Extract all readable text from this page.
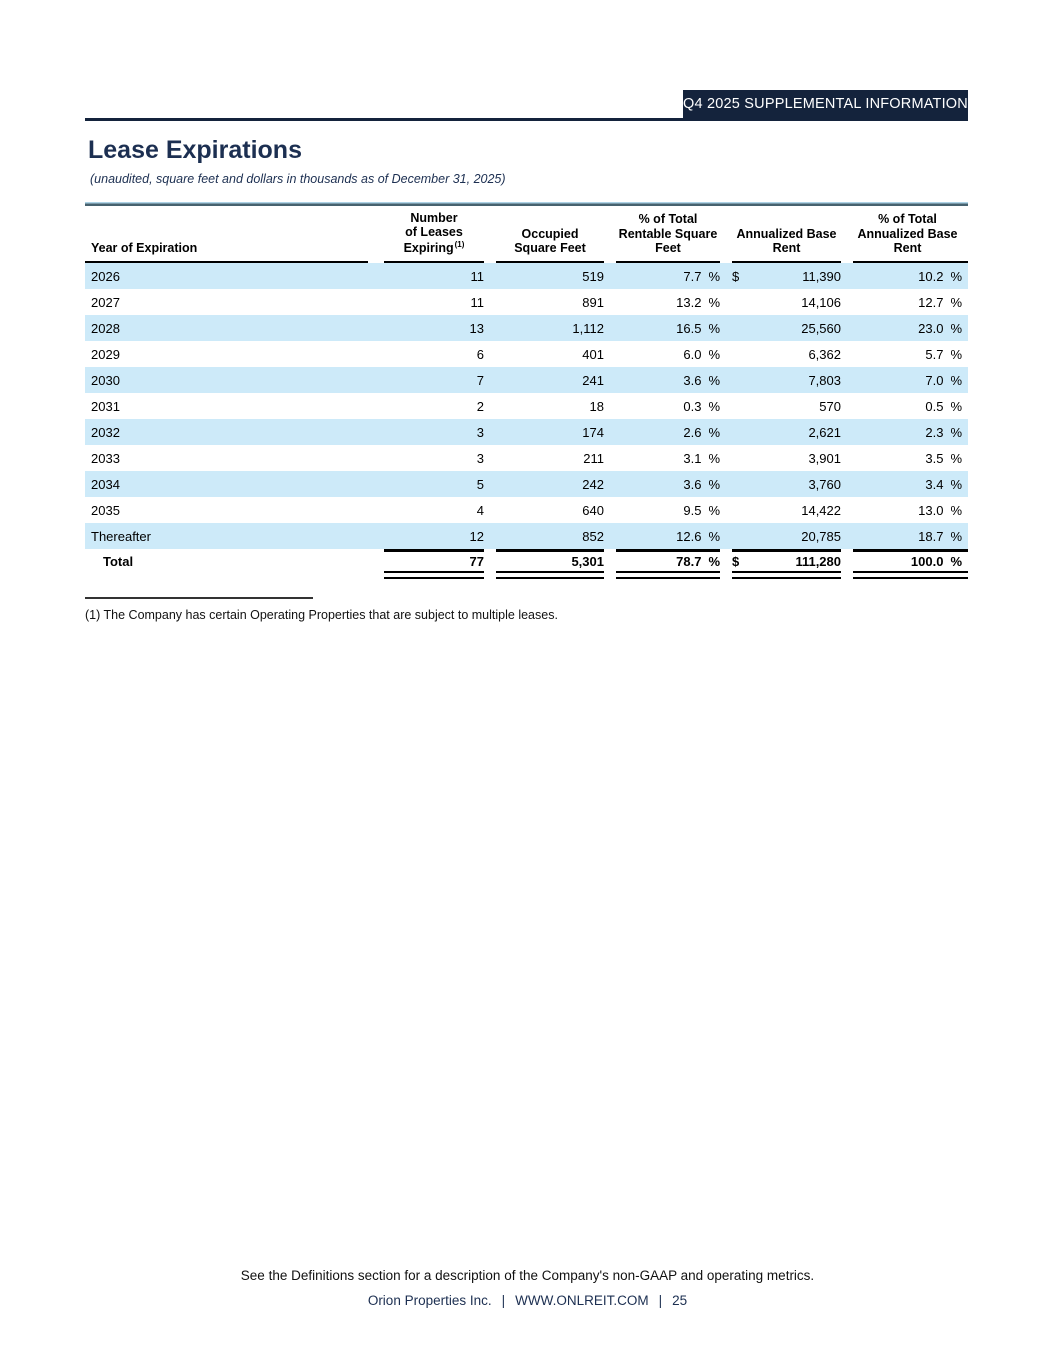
Q4 2025 SUPPLEMENTAL INFORMATION
Lease Expirations
(unaudited, square feet and dollars in thousands as of December 31, 2025)
Year of Expiration

Number
of Leases
Expiring$^{(1)}$

Occupied
Square Feet

% of Total
Rentable Square
Feet

Annualized Base
Rent

% of Total
Annualized Base
Rent

2026	11	519	7.7 %	$ 11,390	10.2 %
2027	11	891	13.2 %	14,106	12.7 %
2028	13	1,112	16.5 %	25,560	23.0 %
2029	6	401	6.0 %	6,362	5.7 %
2030	7	241	3.6 %	7,803	7.0 %
2031	2	18	0.3 %	570	0.5 %
2032	3	174	2.6 %	2,621	2.3 %
2033	3	211	3.1 %	3,901	3.5 %
2034	5	242	3.6 %	3,760	3.4 %
2035	4	640	9.5 %	14,422	13.0 %
Thereafter	12	852	12.6 %	20,785	18.7 %
Total	77	5,301	78.7 %	$ 111,280	100.0 %
(1) The Company has certain Operating Properties that are subject to multiple leases.
See the Definitions section for a description of the Company's non-GAAP and operating metrics.
Orion Properties Inc. | WWW.ONLREIT.COM | 25
